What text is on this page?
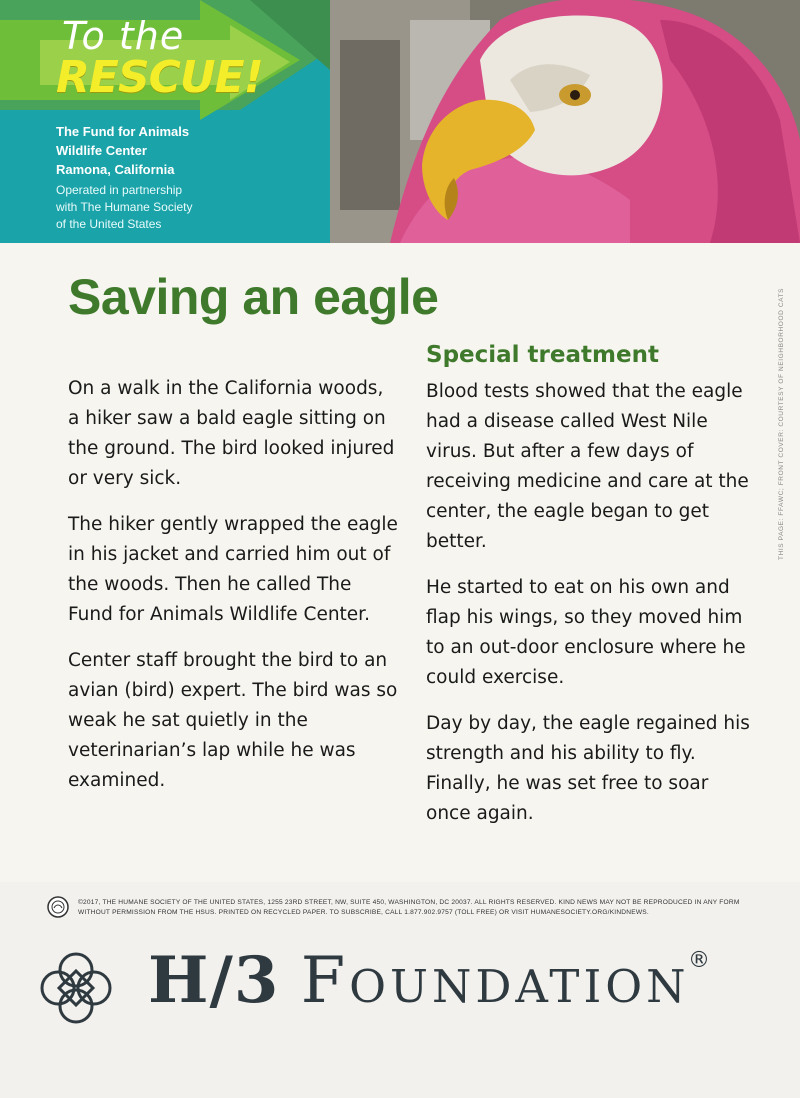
To the
RESCUE!
The Fund for Animals
Wildlife Center
Ramona, California
Operated in partnership
with The Humane Society
of the United States
THIS PAGE: FFAWC; FRONT COVER: COURTESY OF NEIGHBORHOOD CATS
Saving an eagle

On a walk in the California woods, a hiker saw a bald eagle sitting on the ground. The bird looked injured or very sick.

The hiker gently wrapped the eagle in his jacket and carried him out of the woods. Then he called The Fund for Animals Wildlife Center.

Center staff brought the bird to an avian (bird) expert. The bird was so weak he sat quietly in the veterinarian’s lap while he was examined.

Special treatment

Blood tests showed that the eagle had a disease called West Nile virus. But after a few days of receiving medicine and care at the center, the eagle began to get better.

He started to eat on his own and flap his wings, so they moved him to an out-door enclosure where he could exercise.

Day by day, the eagle regained his strength and his ability to fly. Finally, he was set free to soar once again.

©2017, THE HUMANE SOCIETY OF THE UNITED STATES, 1255 23RD STREET, NW, SUITE 450, WASHINGTON, DC 20037. ALL RIGHTS RESERVED. KIND NEWS MAY NOT BE REPRODUCED IN ANY FORM WITHOUT PERMISSION FROM THE HSUS. PRINTED ON RECYCLED PAPER. TO SUBSCRIBE, CALL 1.877.902.9757 (TOLL FREE) OR VISIT HUMANESOCIETY.ORG/KINDNEWS.
H/3 Foundation
®
